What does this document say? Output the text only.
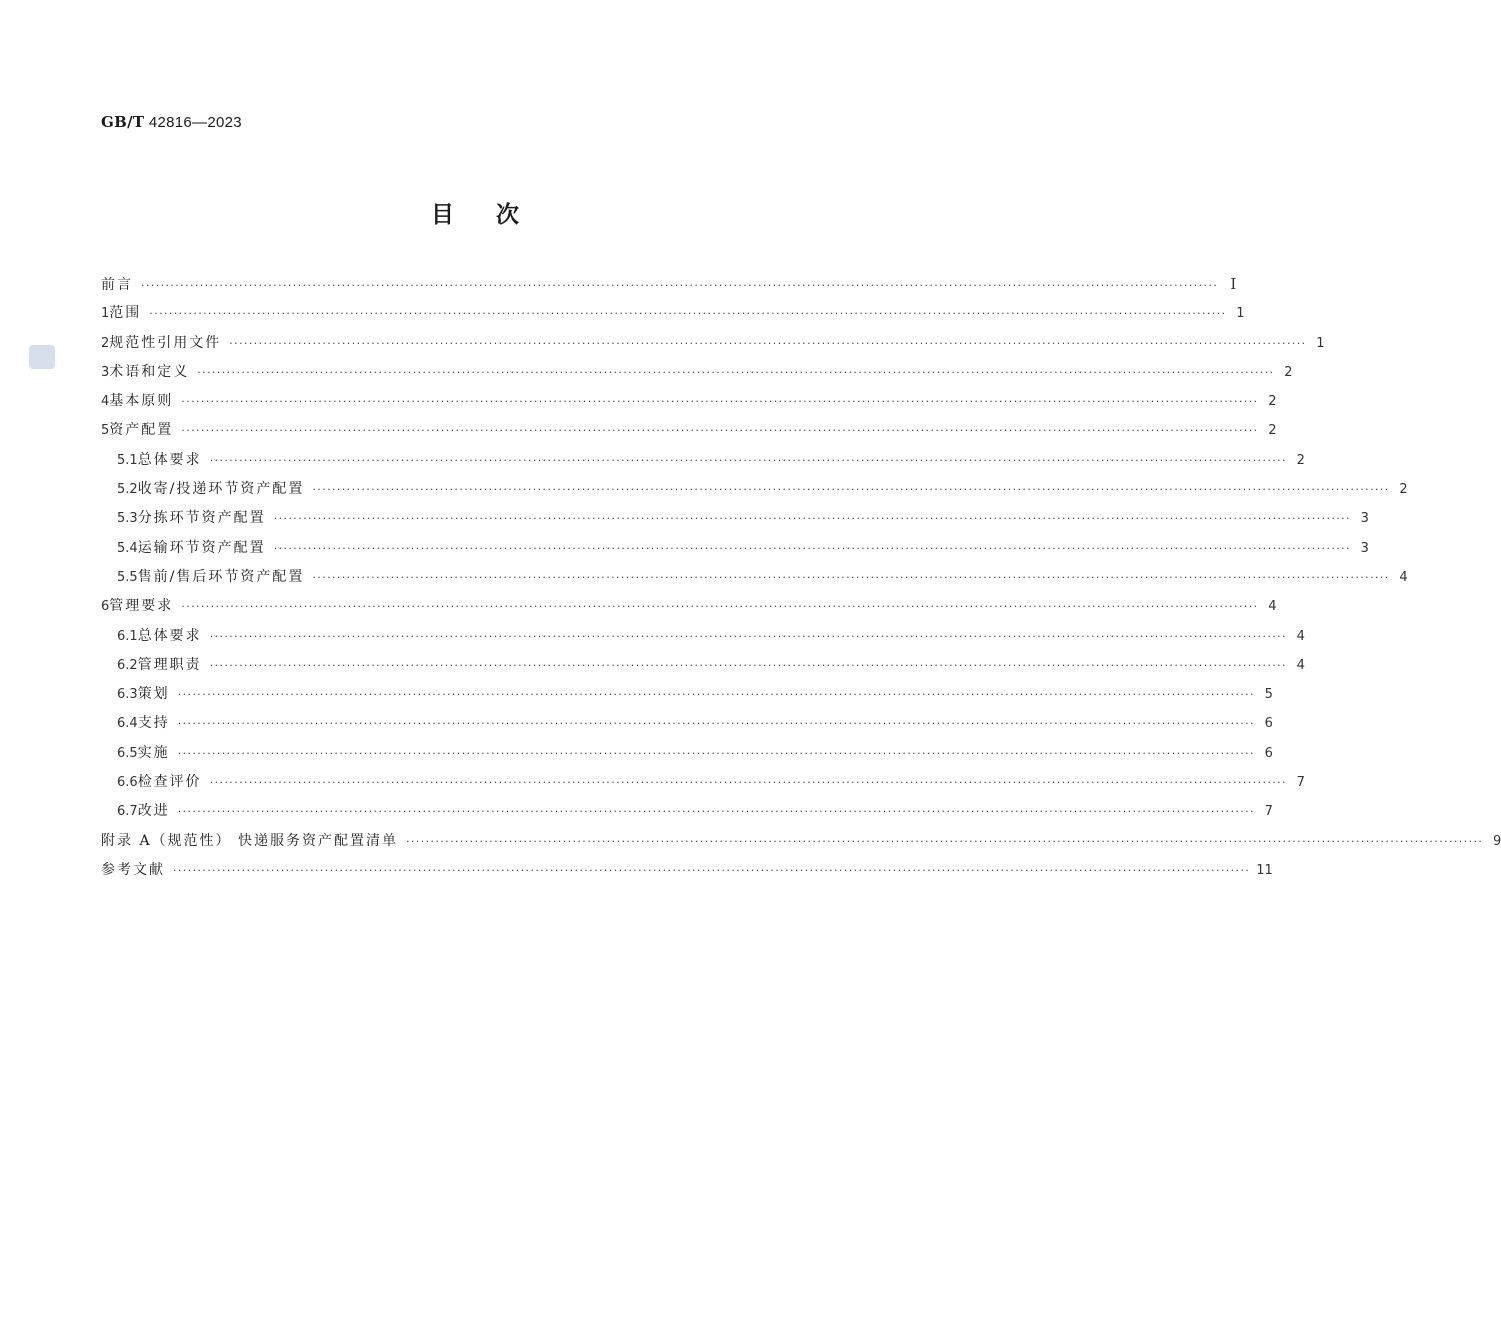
GB/T 42816—2023
目次
前言 ···························································································································································································································· I
1 范围 ···························································································································································································································· 1
2 规范性引用文件 ···························································································································································································································· 1
3 术语和定义 ···························································································································································································································· 2
4 基本原则 ···························································································································································································································· 2
5 资产配置 ···························································································································································································································· 2
5.1 总体要求 ···························································································································································································································· 2
5.2 收寄/投递环节资产配置 ···························································································································································································································· 2
5.3 分拣环节资产配置 ···························································································································································································································· 3
5.4 运输环节资产配置 ···························································································································································································································· 3
5.5 售前/售后环节资产配置 ···························································································································································································································· 4
6 管理要求 ···························································································································································································································· 4
6.1 总体要求 ···························································································································································································································· 4
6.2 管理职责 ···························································································································································································································· 4
6.3 策划 ···························································································································································································································· 5
6.4 支持 ···························································································································································································································· 6
6.5 实施 ···························································································································································································································· 6
6.6 检查评价 ···························································································································································································································· 7
6.7 改进 ···························································································································································································································· 7
附录 A（规范性） 快递服务资产配置清单 ···························································································································································································································· 9
参考文献 ···························································································································································································································· 11
